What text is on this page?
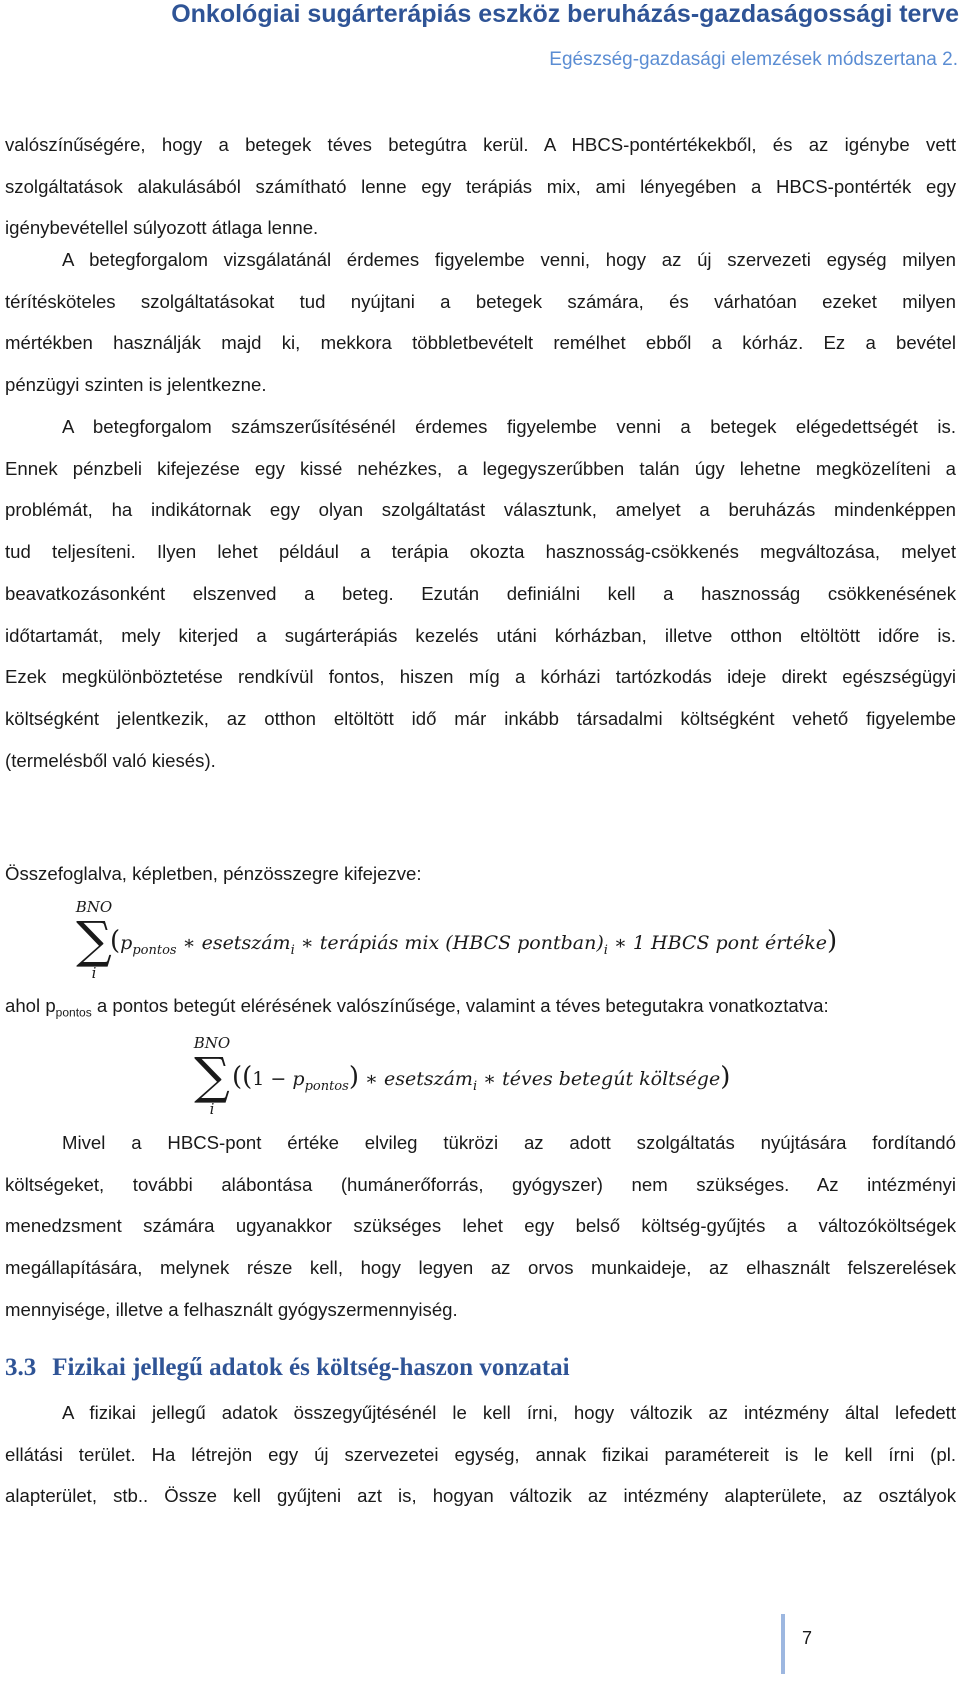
Onkológiai sugárterápiás eszköz beruházás-gazdaságossági terve
Egészség-gazdasági elemzések módszertana 2.

valószínűségére, hogy a betegek téves betegútra kerül. A HBCS-pontértékekből, és az igénybe vett

szolgáltatások alakulásából számítható lenne egy terápiás mix, ami lényegében a HBCS-pontérték egy

igénybevétellel súlyozott átlaga lenne.

A betegforgalom vizsgálatánál érdemes figyelembe venni, hogy az új szervezeti egység milyen

térítésköteles szolgáltatásokat tud nyújtani a betegek számára, és várhatóan ezeket milyen

mértékben használják majd ki, mekkora többletbevételt remélhet ebből a kórház. Ez a bevétel

pénzügyi szinten is jelentkezne.

A betegforgalom számszerűsítésénél érdemes figyelembe venni a betegek elégedettségét is.

Ennek pénzbeli kifejezése egy kissé nehézkes, a legegyszerűbben talán úgy lehetne megközelíteni a

problémát, ha indikátornak egy olyan szolgáltatást választunk, amelyet a beruházás mindenképpen

tud teljesíteni. Ilyen lehet például a terápia okozta hasznosság-csökkenés megváltozása, melyet

beavatkozásonként elszenved a beteg. Ezután definiálni kell a hasznosság csökkenésének

időtartamát, mely kiterjed a sugárterápiás kezelés utáni kórházban, illetve otthon eltöltött időre is.

Ezek megkülönböztetése rendkívül fontos, hiszen míg a kórházi tartózkodás ideje direkt egészségügyi

költségként jelentkezik, az otthon eltöltött idő már inkább társadalmi költségként vehető figyelembe

(termelésből való kiesés).

Összefoglalva, képletben, pénzösszegre kifejezve:

BNO
∑
i
($p_{pontos}$ ∗ esetszám$_i$ ∗ terápiás mix (HBCS $pontban)_i$ ∗ 1 HBCS pont értéke)
ahol $p_{pontos}$ a pontos betegút elérésének valószínűsége, valamint a téves betegutakra vonatkoztatva:
BNO
∑
i
($(1 - p_{pontos})$ ∗ esetszám$_i$ ∗ téves betegút költsége)

Mivel a HBCS-pont értéke elvileg tükrözi az adott szolgáltatás nyújtására fordítandó

költségeket, további alábontása (humánerőforrás, gyógyszer) nem szükséges. Az intézményi

menedzsment számára ugyanakkor szükséges lehet egy belső költség-gyűjtés a változóköltségek

megállapítására, melynek része kell, hogy legyen az orvos munkaideje, az elhasznált felszerelések

mennyisége, illetve a felhasznált gyógyszermennyiség.

3.3 Fizikai jellegű adatok és költség-haszon vonzatai

A fizikai jellegű adatok összegyűjtésénél le kell írni, hogy változik az intézmény által lefedett

ellátási terület. Ha létrejön egy új szervezetei egység, annak fizikai paramétereit is le kell írni (pl.

alapterület, stb.. Össze kell gyűjteni azt is, hogyan változik az intézmény alapterülete, az osztályok

7
